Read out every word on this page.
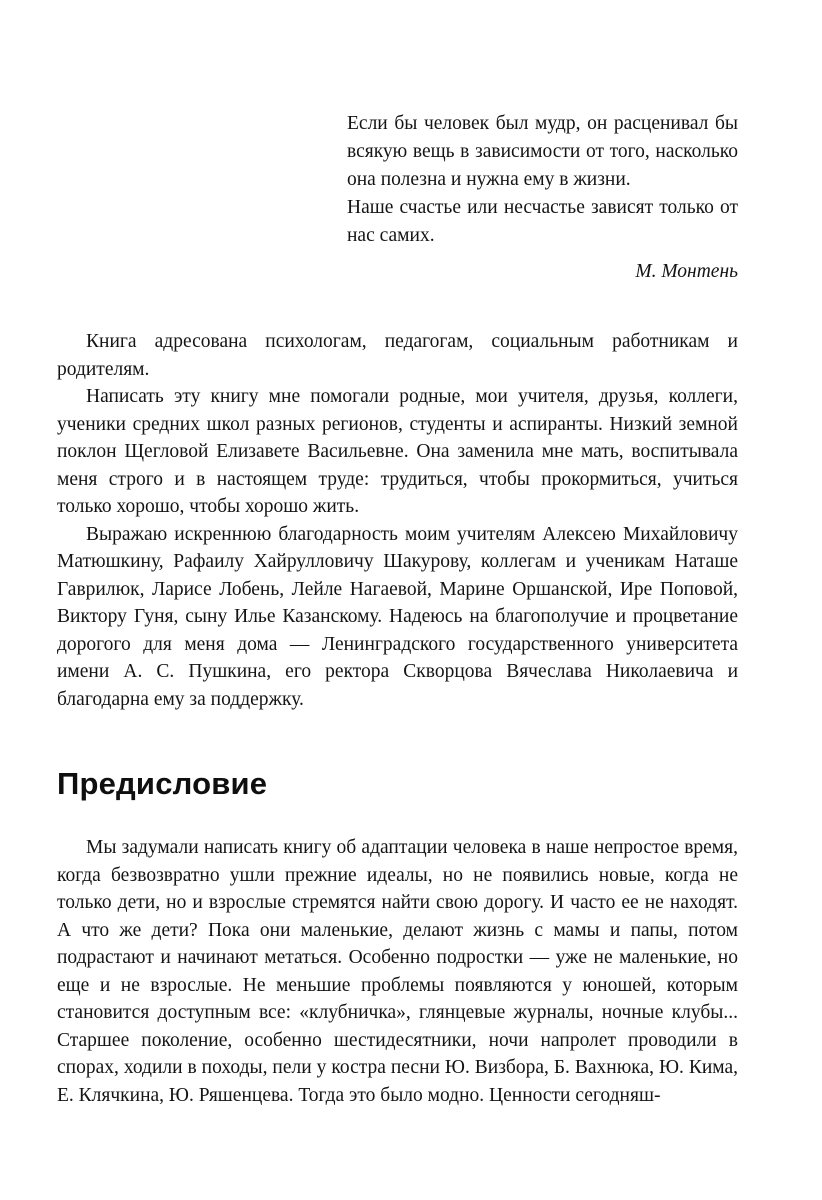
Если бы человек был мудр, он расценивал бы всякую вещь в зависимости от того, насколько она полезна и нужна ему в жизни.

Наше счастье или несчастье зависят только от нас самих.

М. Монтень

Книга адресована психологам, педагогам, социальным работникам и родителям.

Написать эту книгу мне помогали родные, мои учителя, друзья, коллеги, ученики средних школ разных регионов, студенты и аспиранты. Низкий земной поклон Щегловой Елизавете Васильевне. Она заменила мне мать, воспитывала меня строго и в настоящем труде: трудиться, чтобы прокормиться, учиться только хорошо, чтобы хорошо жить.

Выражаю искреннюю благодарность моим учителям Алексею Михайловичу Матюшкину, Рафаилу Хайрулловичу Шакурову, коллегам и ученикам Наташе Гаврилюк, Ларисе Лобень, Лейле Нагаевой, Марине Оршанской, Ире Поповой, Виктору Гуня, сыну Илье Казанскому. Надеюсь на благополучие и процветание дорогого для меня дома — Ленинградского государственного университета имени А. С. Пушкина, его ректора Скворцова Вячеслава Николаевича и благодарна ему за поддержку.

Предисловие

Мы задумали написать книгу об адаптации человека в наше непростое время, когда безвозвратно ушли прежние идеалы, но не появились новые, когда не только дети, но и взрослые стремятся найти свою дорогу. И часто ее не находят. А что же дети? Пока они маленькие, делают жизнь с мамы и папы, потом подрастают и начинают метаться. Особенно подростки — уже не маленькие, но еще и не взрослые. Не меньшие проблемы появляются у юношей, которым становится доступным все: «клубничка», глянцевые журналы, ночные клубы... Старшее поколение, особенно шестидесятники, ночи напролет проводили в спорах, ходили в походы, пели у костра песни Ю. Визбора, Б. Вахнюка, Ю. Кима, Е. Клячкина, Ю. Ряшенцева. Тогда это было модно. Ценности сегодняш-
